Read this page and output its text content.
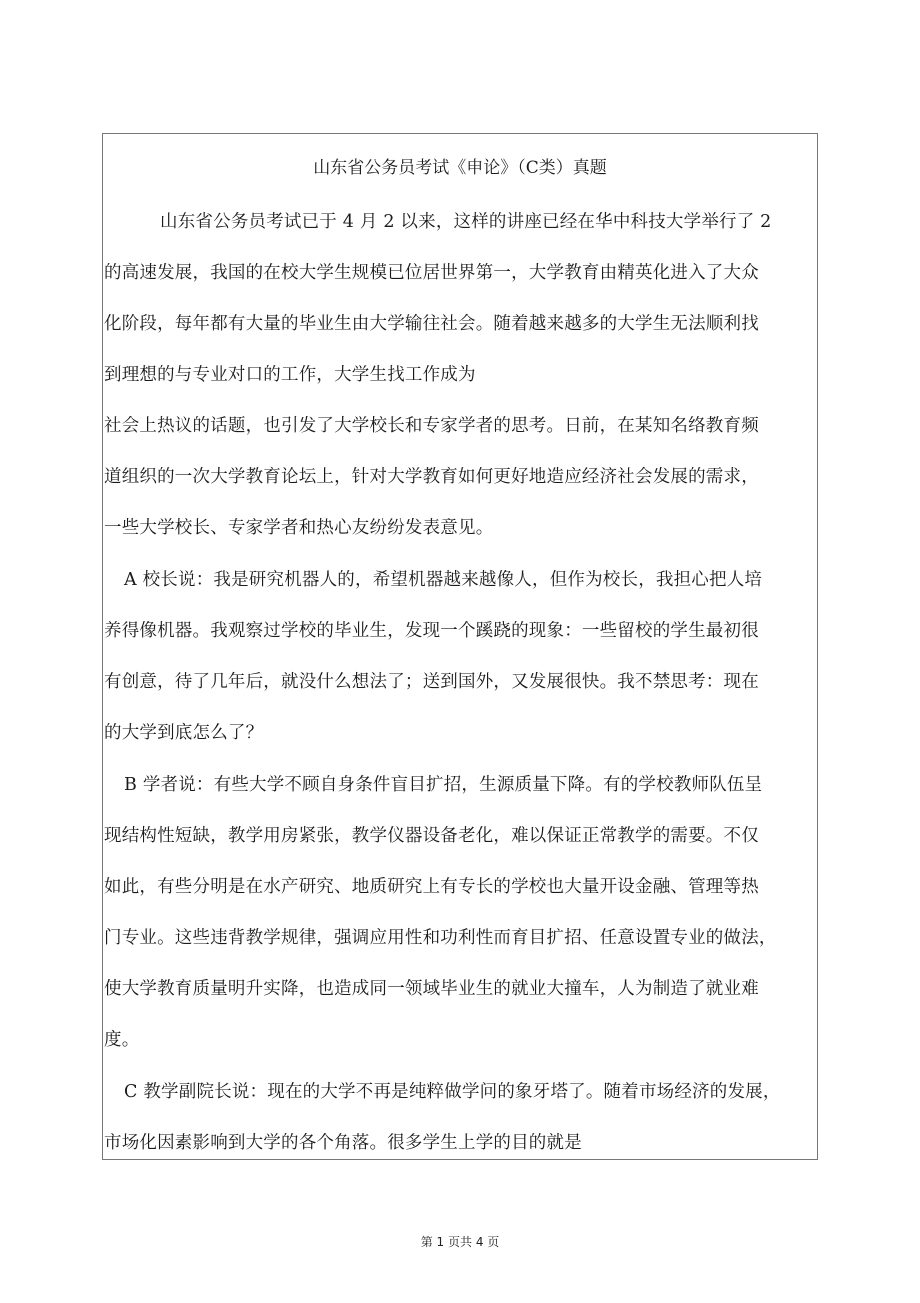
山东省公务员考试《申论》（C类）真题
山东省公务员考试已于 4 月 2 以来，这样的讲座已经在华中科技大学举行了 2
的高速发展，我国的在校大学生规模已位居世界第一，大学教育由精英化进入了大众
化阶段，每年都有大量的毕业生由大学输往社会。随着越来越多的大学生无法顺利找
到理想的与专业对口的工作，大学生找工作成为
社会上热议的话题，也引发了大学校长和专家学者的思考。日前，在某知名络教育频
道组织的一次大学教育论坛上，针对大学教育如何更好地造应经济社会发展的需求，
一些大学校长、专家学者和热心友纷纷发表意见。
A 校长说：我是研究机器人的，希望机器越来越像人，但作为校长，我担心把人培
养得像机器。我观察过学校的毕业生，发现一个蹊跷的现象：一些留校的学生最初很
有创意，待了几年后，就没什么想法了；送到国外，又发展很快。我不禁思考：现在
的大学到底怎么了？
B 学者说：有些大学不顾自身条件盲目扩招，生源质量下降。有的学校教师队伍呈
现结构性短缺，教学用房紧张，教学仪器设备老化，难以保证正常教学的需要。不仅
如此，有些分明是在水产研究、地质研究上有专长的学校也大量开设金融、管理等热
门专业。这些违背教学规律，强调应用性和功利性而育目扩招、任意设置专业的做法，
使大学教育质量明升实降，也造成同一领域毕业生的就业大撞车，人为制造了就业难
度。
C 教学副院长说：现在的大学不再是纯粹做学问的象牙塔了。随着市场经济的发展，
市场化因素影响到大学的各个角落。很多学生上学的目的就是
第 1 页共 4 页
